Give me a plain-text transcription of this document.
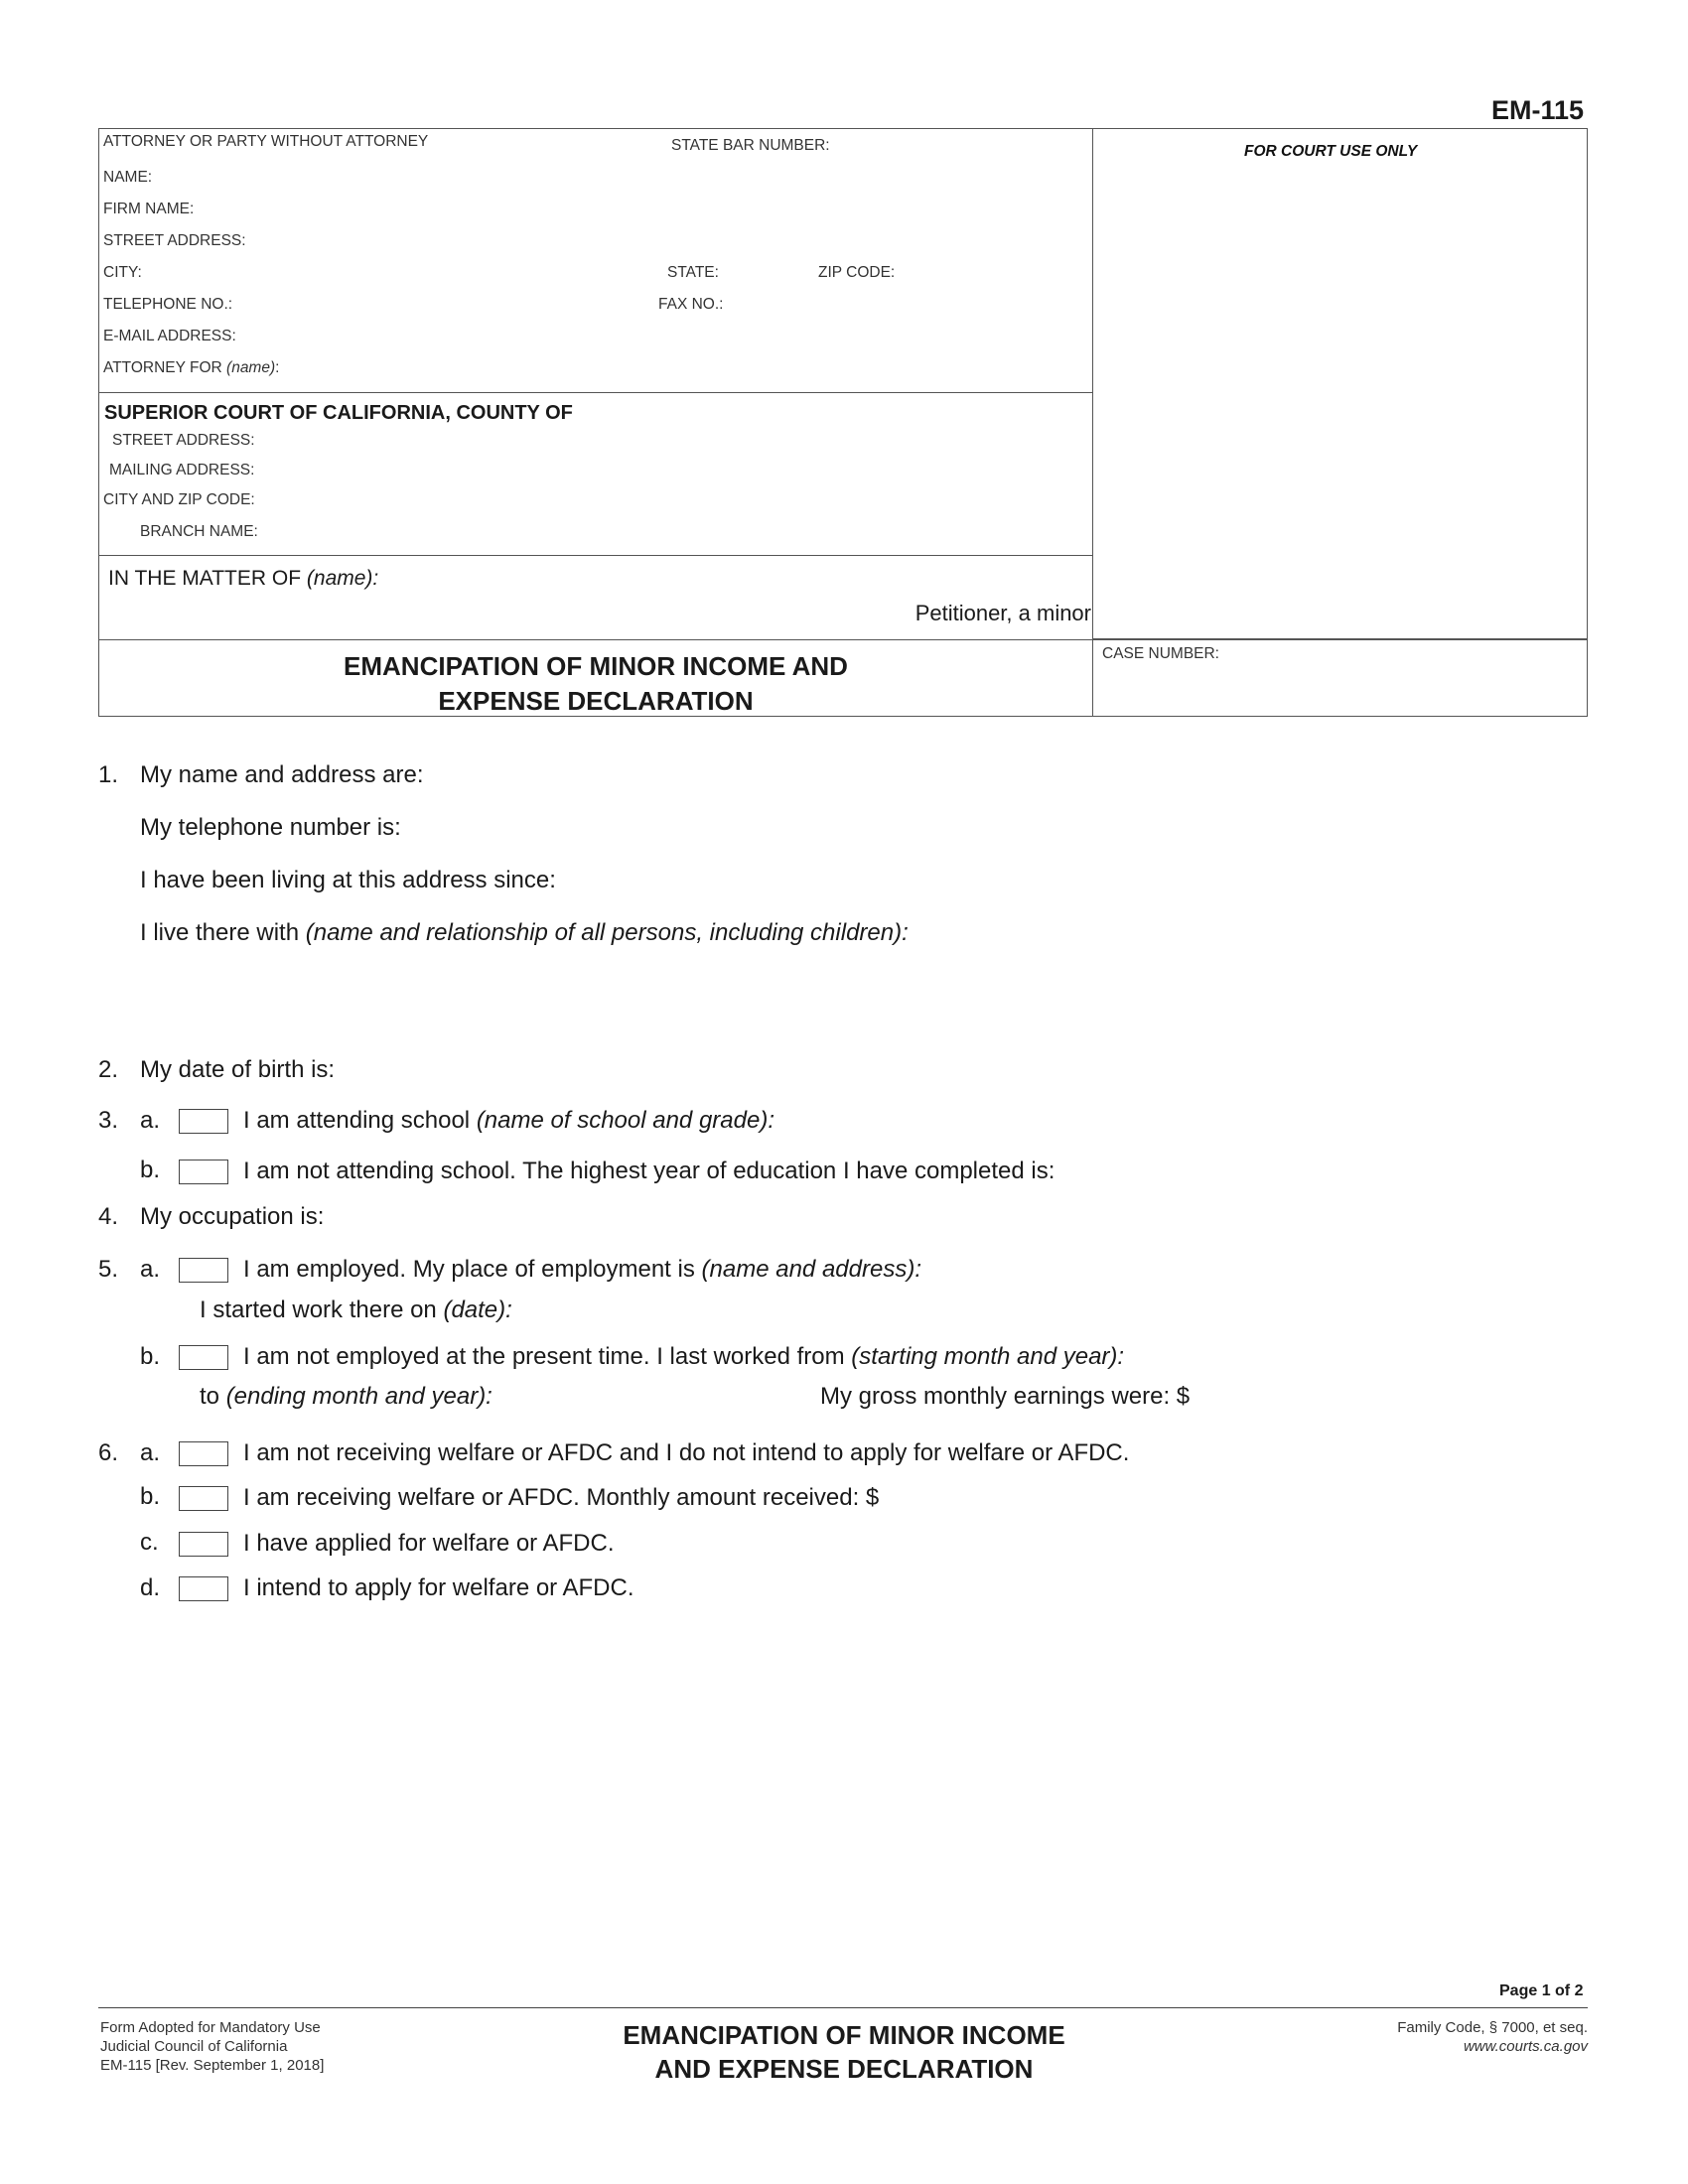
EM-115
ATTORNEY OR PARTY WITHOUT ATTORNEY	STATE BAR NUMBER:
NAME:
FIRM NAME:
STREET ADDRESS:
CITY:	STATE:	ZIP CODE:
TELEPHONE NO.:	FAX NO.:
E-MAIL ADDRESS:
ATTORNEY FOR (name):
FOR COURT USE ONLY
SUPERIOR COURT OF CALIFORNIA, COUNTY OF
STREET ADDRESS:
MAILING ADDRESS:
CITY AND ZIP CODE:
BRANCH NAME:
IN THE MATTER OF (name):
Petitioner, a minor
EMANCIPATION OF MINOR INCOME AND
EXPENSE DECLARATION
CASE NUMBER:
1. My name and address are:
My telephone number is:
I have been living at this address since:
I live there with (name and relationship of all persons, including children):
2. My date of birth is:
3. a.	I am attending school (name of school and grade):
b.	I am not attending school. The highest year of education I have completed is:
4. My occupation is:
5. a.	I am employed. My place of employment is (name and address):
I started work there on (date):
b.	I am not employed at the present time. I last worked from (starting month and year):
to (ending month and year):	My gross monthly earnings were: $
6. a.	I am not receiving welfare or AFDC and I do not intend to apply for welfare or AFDC.
b.	I am receiving welfare or AFDC. Monthly amount received: $
c.	I have applied for welfare or AFDC.
d.	I intend to apply for welfare or AFDC.
Page 1 of 2
Form Adopted for Mandatory Use
Judicial Council of California
EM-115 [Rev. September 1, 2018]
EMANCIPATION OF MINOR INCOME
AND EXPENSE DECLARATION
Family Code, § 7000, et seq.
www.courts.ca.gov
